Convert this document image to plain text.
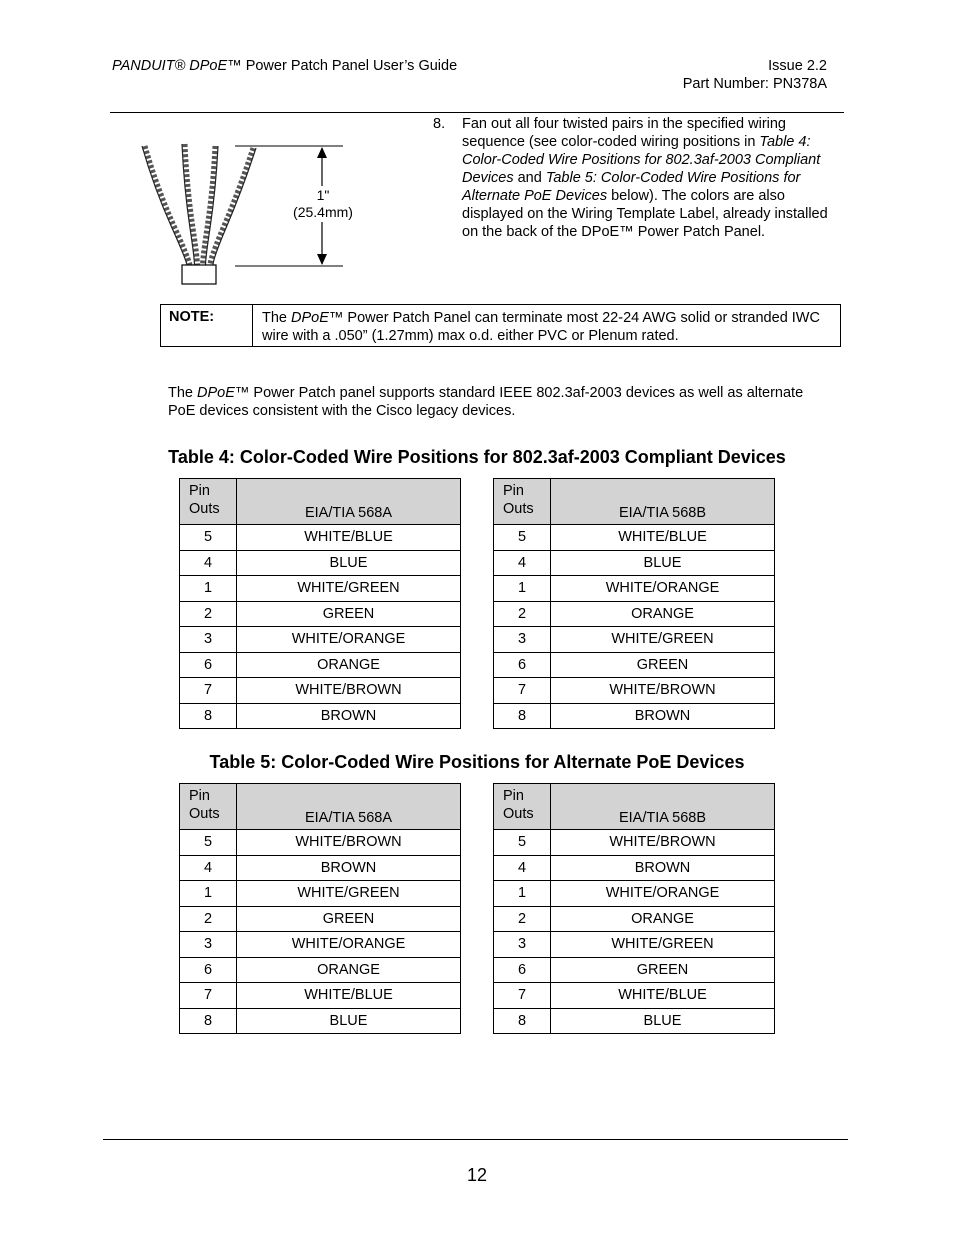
PANDUIT® DPoE™ Power Patch Panel User’s Guide	Issue 2.2
Part Number: PN378A
1"
(25.4mm)
8. Fan out all four twisted pairs in the specified wiring sequence (see color-coded wiring positions in Table 4: Color-Coded Wire Positions for 802.3af-2003 Compliant Devices and Table 5: Color-Coded Wire Positions for Alternate PoE Devices below). The colors are also displayed on the Wiring Template Label, already installed on the back of the DPoE™ Power Patch Panel.
NOTE:	The DPoE™ Power Patch Panel can terminate most 22-24 AWG solid or stranded IWC wire with a .050” (1.27mm) max o.d. either PVC or Plenum rated.
The DPoE™ Power Patch panel supports standard IEEE 802.3af-2003 devices as well as alternate PoE devices consistent with the Cisco legacy devices.
Table 4: Color-Coded Wire Positions for 802.3af-2003 Compliant Devices
Pin
Outs	EIA/TIA 568A
5	WHITE/BLUE
4	BLUE
1	WHITE/GREEN
2	GREEN
3	WHITE/ORANGE
6	ORANGE
7	WHITE/BROWN
8	BROWN
Pin
Outs	EIA/TIA 568B
5	WHITE/BLUE
4	BLUE
1	WHITE/ORANGE
2	ORANGE
3	WHITE/GREEN
6	GREEN
7	WHITE/BROWN
8	BROWN
Table 5: Color-Coded Wire Positions for Alternate PoE Devices
Pin
Outs	EIA/TIA 568A
5	WHITE/BROWN
4	BROWN
1	WHITE/GREEN
2	GREEN
3	WHITE/ORANGE
6	ORANGE
7	WHITE/BLUE
8	BLUE
Pin
Outs	EIA/TIA 568B
5	WHITE/BROWN
4	BROWN
1	WHITE/ORANGE
2	ORANGE
3	WHITE/GREEN
6	GREEN
7	WHITE/BLUE
8	BLUE
12
